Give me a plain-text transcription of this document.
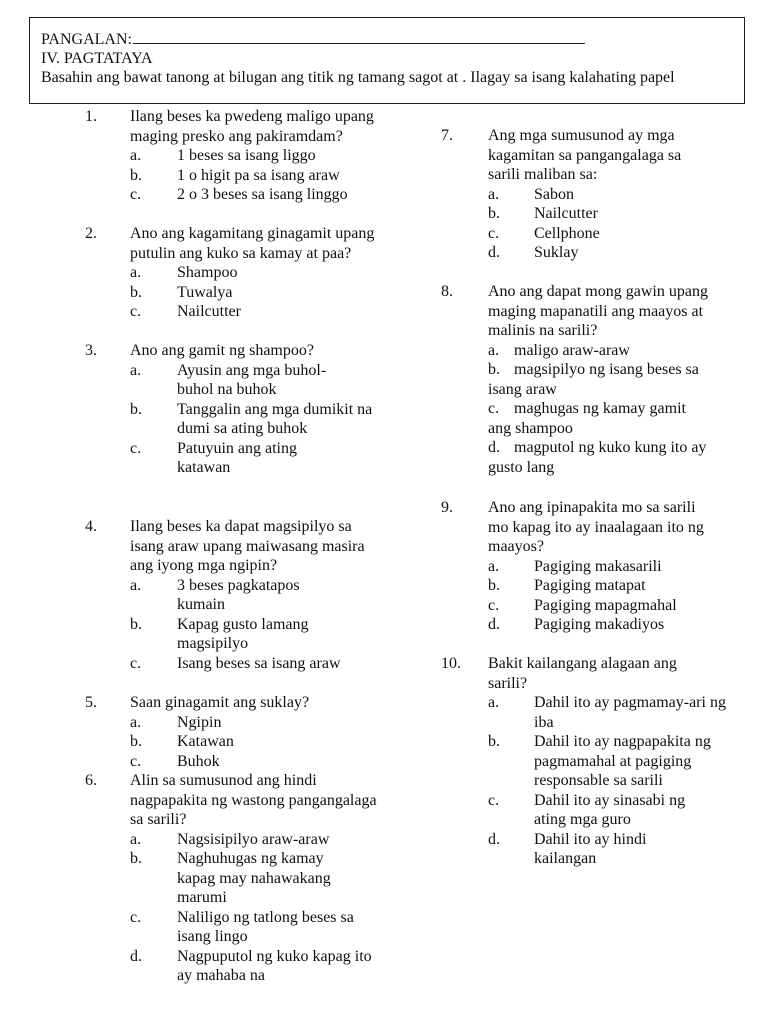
PANGALAN:
IV. PAGTATAYA
Basahin ang bawat tanong at bilugan ang titik ng tamang sagot at . Ilagay sa isang kalahating papel
1. Ilang beses ka pwedeng maligo upang maging presko ang pakiramdam?
a. 1 beses sa isang liggo
b. 1 o higit pa sa isang araw
c. 2 o 3 beses sa isang linggo
2. Ano ang kagamitang ginagamit upang putulin ang kuko sa kamay at paa?
a. Shampoo
b. Tuwalya
c. Nailcutter
3. Ano ang gamit ng shampoo?
a. Ayusin ang mga buhol-buhol na buhok
b. Tanggalin ang mga dumikit na dumi sa ating buhok
c. Patuyuin ang ating katawan
4. Ilang beses ka dapat magsipilyo sa isang araw upang maiwasang masira ang iyong mga ngipin?
a. 3 beses pagkatapos kumain
b. Kapag gusto lamang magsipilyo
c. Isang beses sa isang araw
5. Saan ginagamit ang suklay?
a. Ngipin
b. Katawan
c. Buhok
6. Alin sa sumusunod ang hindi nagpapakita ng wastong pangangalaga sa sarili?
a. Nagsisipilyo araw-araw
b. Naghuhugas ng kamay kapag may nahawakang marumi
c. Naliligo ng tatlong beses sa isang lingo
d. Nagpuputol ng kuko kapag ito ay mahaba na
7. Ang mga sumusunod ay mga kagamitan sa pangangalaga sa sarili maliban sa:
a. Sabon
b. Nailcutter
c. Cellphone
d. Suklay
8. Ano ang dapat mong gawin upang maging mapanatili ang maayos at malinis na sarili?
a. maligo araw-araw
b. magsipilyo ng isang beses sa isang araw
c. maghugas ng kamay gamit ang shampoo
d. magputol ng kuko kung ito ay gusto lang
9. Ano ang ipinapakita mo sa sarili mo kapag ito ay inaalagaan ito ng maayos?
a. Pagiging makasarili
b. Pagiging matapat
c. Pagiging mapagmahal
d. Pagiging makadiyos
10. Bakit kailangang alagaan ang sarili?
a. Dahil ito ay pagmamay-ari ng iba
b. Dahil ito ay nagpapakita ng pagmamahal at pagiging responsable sa sarili
c. Dahil ito ay sinasabi ng ating mga guro
d. Dahil ito ay hindi kailangan
